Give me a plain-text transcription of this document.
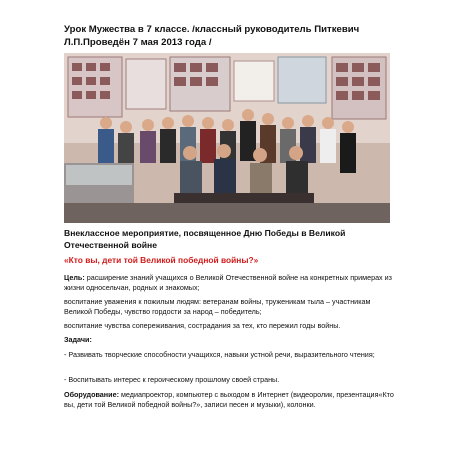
Урок Мужества в 7 классе. /классный руководитель Питкевич
Л.П.Проведён 7 мая 2013 года /
Внеклассное мероприятие, посвященное Дню Победы в Великой Отечественной войне
«Кто вы, дети той Великой победной войны?»

Цель: расширение знаний учащихся о Великой Отечественной войне на конкретных примерах из жизни односельчан, родных и знакомых;

воспитание уважения к пожилым людям: ветеранам войны, труженикам тыла – участникам Великой Победы, чувство гордости за народ – победитель;

воспитание чувства сопереживания, сострадания за тех, кто пережил годы войны.

Задачи:

- Развивать творческие способности учащихся, навыки устной речи, выразительного чтения;

- Воспитывать интерес к героическому прошлому своей страны.

Оборудование: медиапроектор, компьютер с выходом в Интернет (видеоролик, презентация«Кто вы, дети той Великой победной войны?», записи песен и музыки), колонки.
